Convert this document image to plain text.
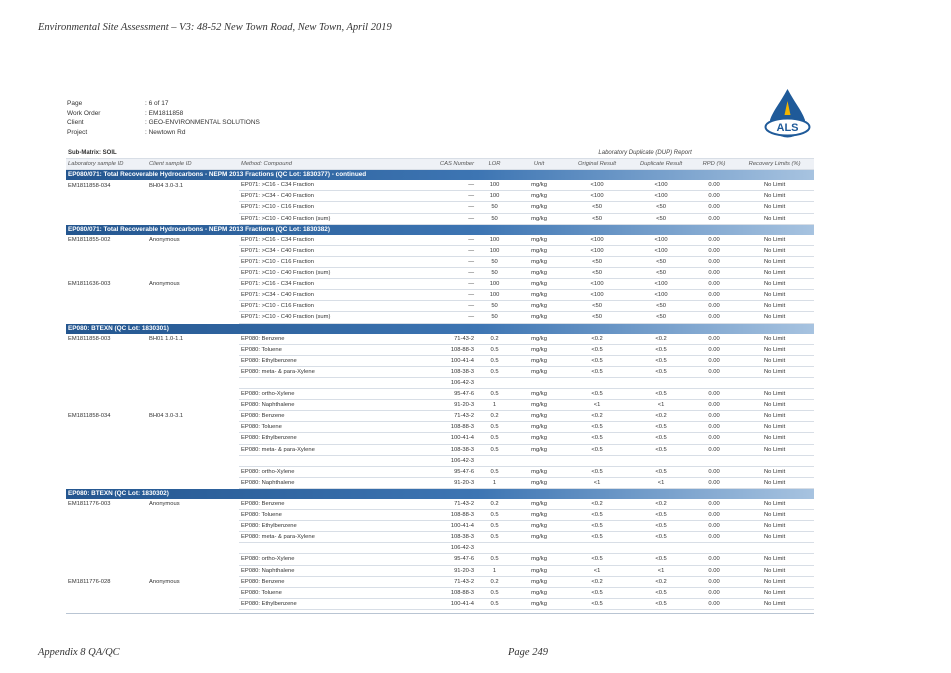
Environmental Site Assessment – V3: 48-52 New Town Road, New Town, April 2019
Page	: 6 of 17
Work Order	: EM1811858
Client	: GEO-ENVIRONMENTAL SOLUTIONS
Project	: Newtown Rd	ALS
Sub-Matrix: SOIL				Laboratory Duplicate (DUP) Report					
Laboratory sample ID	Client sample ID	Method: Compound	CAS Number	LOR	Unit	Original Result	Duplicate Result	RPD (%)	Recovery Limits (%)
EP080/071: Total Recoverable Hydrocarbons - NEPM 2013 Fractions (QC Lot: 1830377) - continued									
EM1811858-034	BH04 3.0-3.1	EP071: >C16 - C34 Fraction	—	100	mg/kg	<100	<100	0.00	No Limit
		EP071: >C34 - C40 Fraction	—	100	mg/kg	<100	<100	0.00	No Limit
		EP071: >C10 - C16 Fraction	—	50	mg/kg	<50	<50	0.00	No Limit
		EP071: >C10 - C40 Fraction (sum)	—	50	mg/kg	<50	<50	0.00	No Limit
EP080/071: Total Recoverable Hydrocarbons - NEPM 2013 Fractions (QC Lot: 1830382)									
EM1811855-002	Anonymous	EP071: >C16 - C34 Fraction	—	100	mg/kg	<100	<100	0.00	No Limit
		EP071: >C34 - C40 Fraction	—	100	mg/kg	<100	<100	0.00	No Limit
		EP071: >C10 - C16 Fraction	—	50	mg/kg	<50	<50	0.00	No Limit
		EP071: >C10 - C40 Fraction (sum)	—	50	mg/kg	<50	<50	0.00	No Limit
EM1811636-003	Anonymous	EP071: >C16 - C34 Fraction	—	100	mg/kg	<100	<100	0.00	No Limit
		EP071: >C34 - C40 Fraction	—	100	mg/kg	<100	<100	0.00	No Limit
		EP071: >C10 - C16 Fraction	—	50	mg/kg	<50	<50	0.00	No Limit
		EP071: >C10 - C40 Fraction (sum)	—	50	mg/kg	<50	<50	0.00	No Limit
EP080: BTEXN (QC Lot: 1830301)									
EM1811858-003	BH01 1.0-1.1	EP080: Benzene	71-43-2	0.2	mg/kg	<0.2	<0.2	0.00	No Limit
		EP080: Toluene	108-88-3	0.5	mg/kg	<0.5	<0.5	0.00	No Limit
		EP080: Ethylbenzene	100-41-4	0.5	mg/kg	<0.5	<0.5	0.00	No Limit
		EP080: meta- & para-Xylene	108-38-3	0.5	mg/kg	<0.5	<0.5	0.00	No Limit
			106-42-3						
		EP080: ortho-Xylene	95-47-6	0.5	mg/kg	<0.5	<0.5	0.00	No Limit
		EP080: Naphthalene	91-20-3	1	mg/kg	<1	<1	0.00	No Limit
EM1811858-034	BH04 3.0-3.1	EP080: Benzene	71-43-2	0.2	mg/kg	<0.2	<0.2	0.00	No Limit
		EP080: Toluene	108-88-3	0.5	mg/kg	<0.5	<0.5	0.00	No Limit
		EP080: Ethylbenzene	100-41-4	0.5	mg/kg	<0.5	<0.5	0.00	No Limit
		EP080: meta- & para-Xylene	108-38-3	0.5	mg/kg	<0.5	<0.5	0.00	No Limit
			106-42-3						
		EP080: ortho-Xylene	95-47-6	0.5	mg/kg	<0.5	<0.5	0.00	No Limit
		EP080: Naphthalene	91-20-3	1	mg/kg	<1	<1	0.00	No Limit
EP080: BTEXN (QC Lot: 1830302)									
EM1811776-003	Anonymous	EP080: Benzene	71-43-2	0.2	mg/kg	<0.2	<0.2	0.00	No Limit
		EP080: Toluene	108-88-3	0.5	mg/kg	<0.5	<0.5	0.00	No Limit
		EP080: Ethylbenzene	100-41-4	0.5	mg/kg	<0.5	<0.5	0.00	No Limit
		EP080: meta- & para-Xylene	108-38-3	0.5	mg/kg	<0.5	<0.5	0.00	No Limit
			106-42-3						
		EP080: ortho-Xylene	95-47-6	0.5	mg/kg	<0.5	<0.5	0.00	No Limit
		EP080: Naphthalene	91-20-3	1	mg/kg	<1	<1	0.00	No Limit
EM1811776-028	Anonymous	EP080: Benzene	71-43-2	0.2	mg/kg	<0.2	<0.2	0.00	No Limit
		EP080: Toluene	108-88-3	0.5	mg/kg	<0.5	<0.5	0.00	No Limit
		EP080: Ethylbenzene	100-41-4	0.5	mg/kg	<0.5	<0.5	0.00	No Limit
Appendix 8 QA/QC	Page 249
